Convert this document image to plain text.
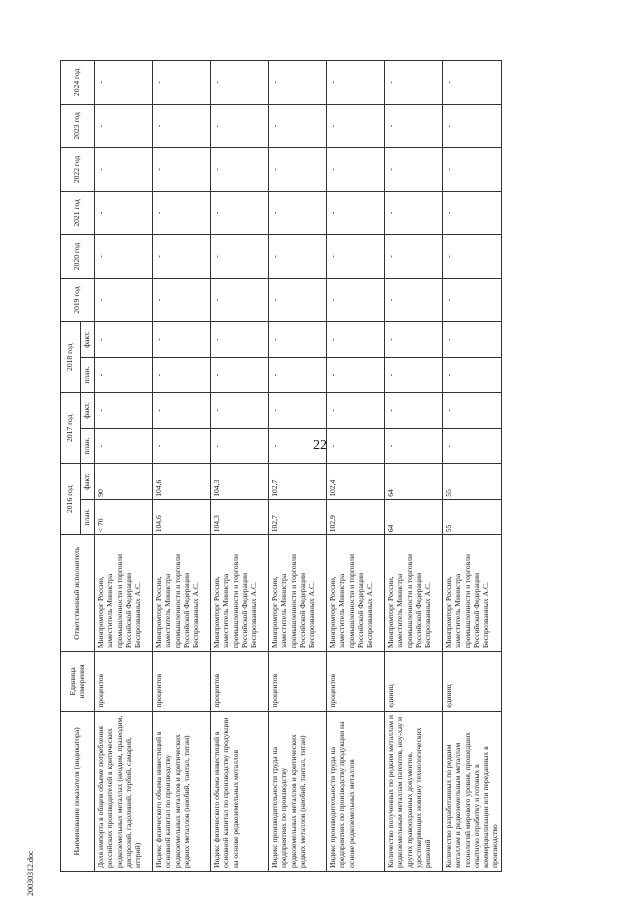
22
20030312.doc
Наименование показателя (индикатора)	Единица измерения	Ответственный исполнитель	2016 год		2017 год		2018 год		2019 год	2020 год	2021 год	2022 год	2023 год	2024 год
			план.	факт.	план.	факт.	план.	факт.						
Доля импорта в общем объеме потребления российских производителей в критических редкоземельных металлах (неодим, празеодим, диспрозий, гадолиний, тербий, самарий, иттрий)	процентов	Минпромторг России, заместитель Министра промышленности и торговли Российской Федерации Беспрозванных А.С.	< 70	90	-	-	-	-	-	-	-	-	-	-
Индекс физического объема инвестиций в основной капитал по производству редкоземельных металлов и критических редких металлов (ниобий, тантал, титан)	процентов	Минпромторг России, заместитель Министра промышленности и торговли Российской Федерации Беспрозванных А.С.	104,6	104,6	-	-	-	-	-	-	-	-	-	-
Индекс физического объема инвестиций в основной капитал по производству продукции на основе редкоземельных металлов	процентов	Минпромторг России, заместитель Министра промышленности и торговли Российской Федерации Беспрозванных А.С.	104,3	104,3	-	-	-	-	-	-	-	-	-	-
Индекс производительности труда на предприятиях по производству редкоземельных металлов и критических редких металлов (ниобий, тантал, титан)	процентов	Минпромторг России, заместитель Министра промышленности и торговли Российской Федерации Беспрозванных А.С.	102,7	102,7	-	-	-	-	-	-	-	-	-	-
Индекс производительности труда на предприятиях по производству продукции на основе редкоземельных металлов	процентов	Минпромторг России, заместитель Министра промышленности и торговли Российской Федерации Беспрозванных А.С.	102,9	102,4	-	-	-	-	-	-	-	-	-	-
Количество полученных по редким металлам и редкоземельным металлам патентов, ноу-хау и других правоохранных документов, удостоверяющих новизну технологических решений	единиц	Минпромторг России, заместитель Министра промышленности и торговли Российской Федерации Беспрозванных А.С.	64	64	-	-	-	-	-	-	-	-	-	-
Количество разработанных по редким металлам и редкоземельным металлам технологий мирового уровня, прошедших опытную отработку и готовых к коммерциализации или переданных в производство	единиц	Минпромторг России, заместитель Министра промышленности и торговли Российской Федерации Беспрозванных А.С.	55	55	-	-	-	-	-	-	-	-	-	-
